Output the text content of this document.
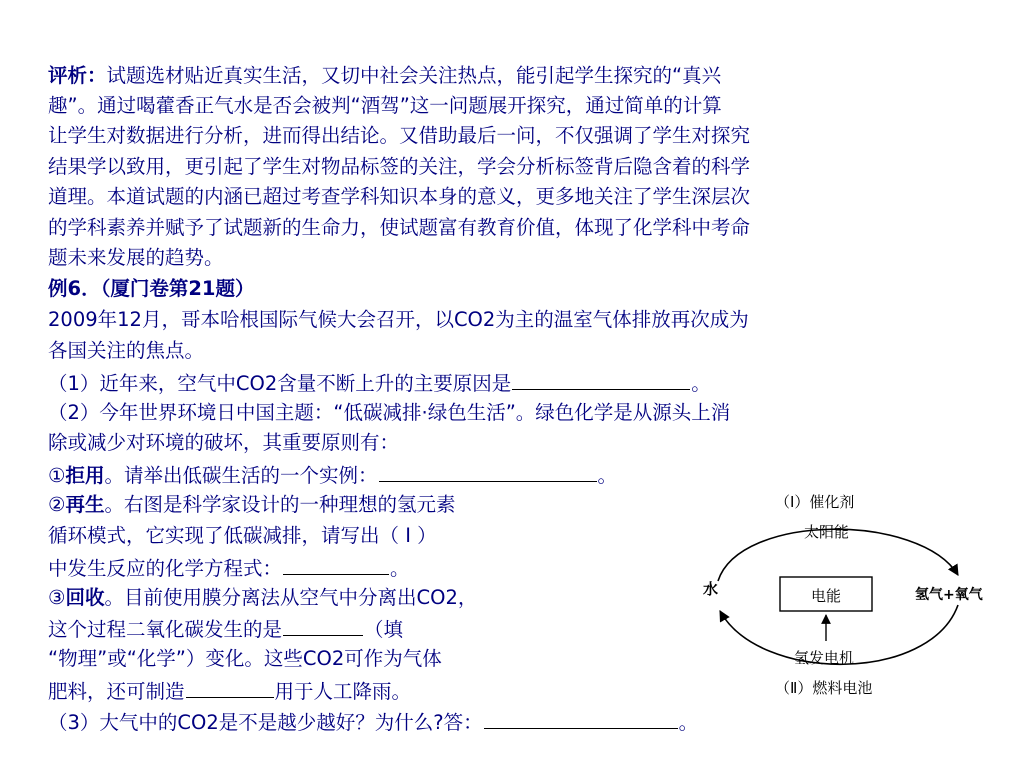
评析：试题选材贴近真实生活，又切中社会关注热点，能引起学生探究的“真兴
趣”。通过喝藿香正气水是否会被判“酒驾”这一问题展开探究，通过简单的计算
让学生对数据进行分析，进而得出结论。又借助最后一问，不仅强调了学生对探究
结果学以致用，更引起了学生对物品标签的关注，学会分析标签背后隐含着的科学
道理。本道试题的内涵已超过考查学科知识本身的意义，更多地关注了学生深层次
的学科素养并赋予了试题新的生命力，使试题富有教育价值，体现了化学科中考命
题未来发展的趋势。
例6．（厦门卷第21题）
2009年12月，哥本哈根国际气候大会召开，以CO2为主的温室气体排放再次成为
各国关注的焦点。
（1）近年来，空气中CO2含量不断上升的主要原因是	。
（2）今年世界环境日中国主题：“低碳减排·绿色生活”。绿色化学是从源头上消
除或减少对环境的破坏，其重要原则有：
①拒用。请举出低碳生活的一个实例：	。
②再生。右图是科学家设计的一种理想的氢元素
循环模式，它实现了低碳减排，请写出（ Ⅰ ）
中发生反应的化学方程式：	。
③回收。目前使用膜分离法从空气中分离出CO2，
这个过程二氧化碳发生的是	（填
“物理”或“化学”）变化。这些CO2可作为气体
肥料，还可制造	用于人工降雨。
（3）大气中的CO2是不是越少越好？为什么?答：	。
（Ⅰ）催化剂
太阳能
水	氢气+氧气
电能
氢发电机
（Ⅱ）燃料电池
